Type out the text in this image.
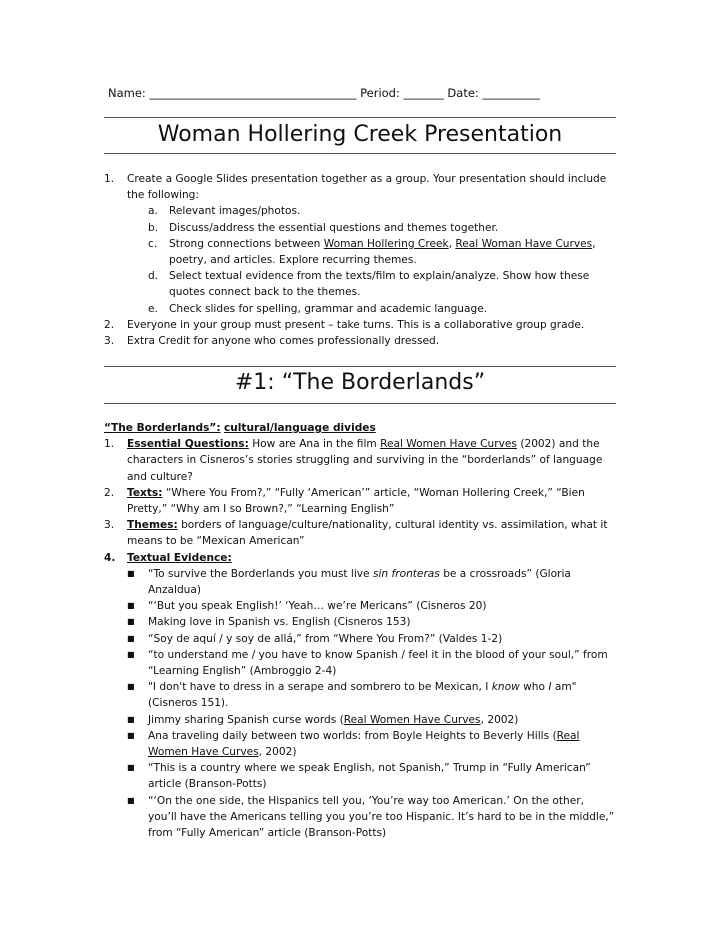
Name: ____________________________________ Period: _______ Date: __________
Woman Hollering Creek Presentation
1. Create a Google Slides presentation together as a group. Your presentation should include the following:
a. Relevant images/photos.
b. Discuss/address the essential questions and themes together.
c. Strong connections between Woman Hollering Creek, Real Woman Have Curves, poetry, and articles. Explore recurring themes.
d. Select textual evidence from the texts/film to explain/analyze. Show how these quotes connect back to the themes.
e. Check slides for spelling, grammar and academic language.
2. Everyone in your group must present – take turns. This is a collaborative group grade.
3. Extra Credit for anyone who comes professionally dressed.
#1: “The Borderlands”
“The Borderlands”: cultural/language divides
1. Essential Questions: How are Ana in the film Real Women Have Curves (2002) and the characters in Cisneros’s stories struggling and surviving in the “borderlands” of language and culture?
2. Texts: “Where You From?,” “Fully ‘American’” article, “Woman Hollering Creek,” “Bien Pretty,” “Why am I so Brown?,” “Learning English”
3. Themes: borders of language/culture/nationality, cultural identity vs. assimilation, what it means to be “Mexican American”
4. Textual Evidence:
■ “To survive the Borderlands you must live sin fronteras be a crossroads” (Gloria Anzaldua)
■ “‘But you speak English!’ ‘Yeah… we’re Mericans” (Cisneros 20)
■ Making love in Spanish vs. English (Cisneros 153)
■ “Soy de aquí / y soy de allá,” from “Where You From?” (Valdes 1-2)
■ “to understand me / you have to know Spanish / feel it in the blood of your soul,” from “Learning English” (Ambroggio 2-4)
■ "I don't have to dress in a serape and sombrero to be Mexican, I know who I am" (Cisneros 151).
■ Jimmy sharing Spanish curse words (Real Women Have Curves, 2002)
■ Ana traveling daily between two worlds: from Boyle Heights to Beverly Hills (Real Women Have Curves, 2002)
■ “This is a country where we speak English, not Spanish,” Trump in “Fully American” article (Branson-Potts)
■ “‘On the one side, the Hispanics tell you, ‘You’re way too American.’ On the other, you’ll have the Americans telling you you’re too Hispanic. It’s hard to be in the middle,” from “Fully American” article (Branson-Potts)
